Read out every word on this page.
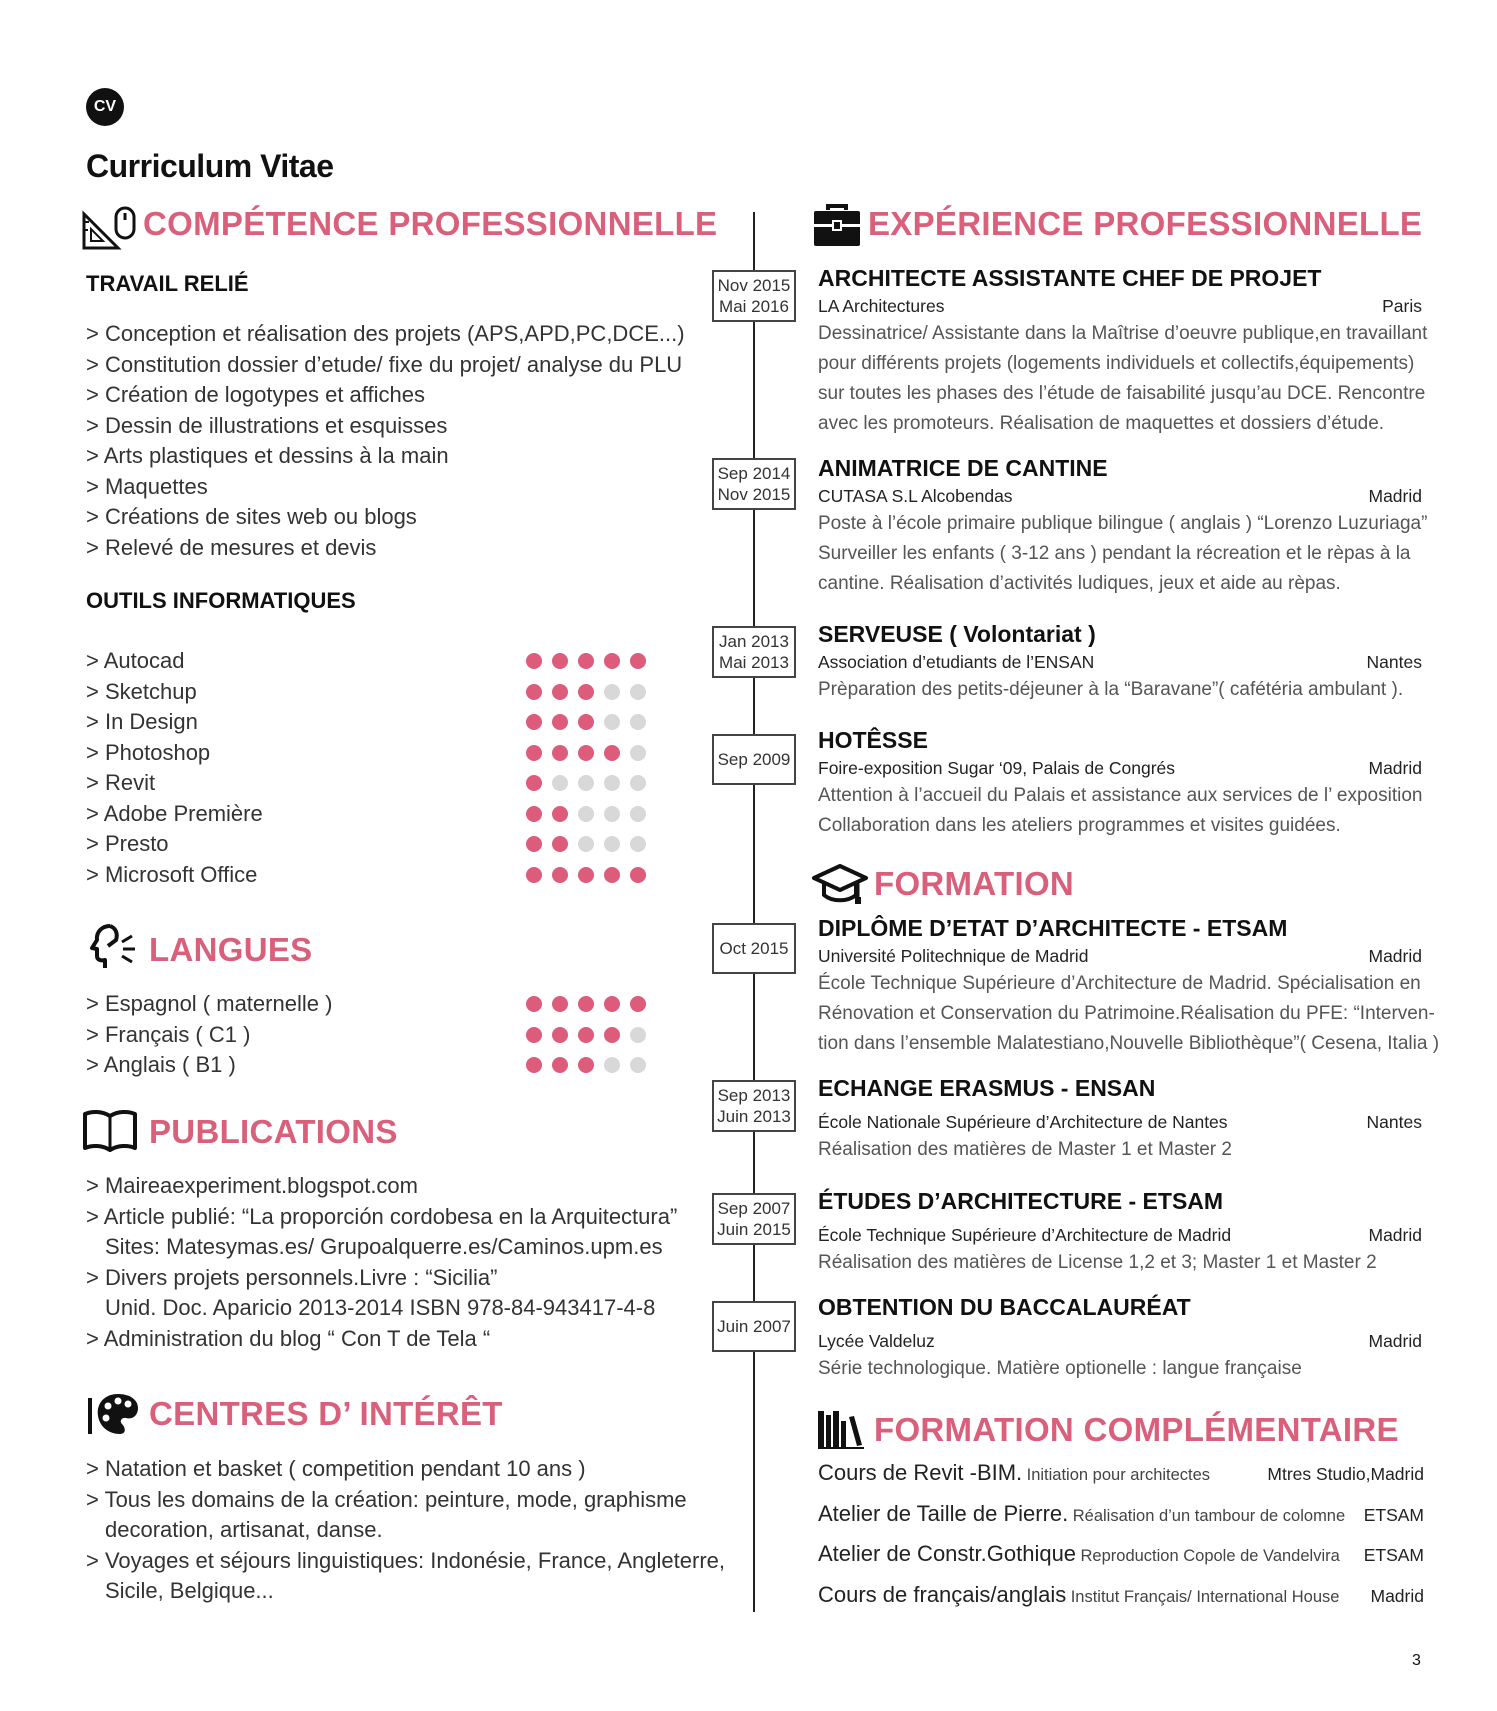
CV
Curriculum Vitae
COMPÉTENCE PROFESSIONNELLE
TRAVAIL RELIÉ
> Conception et réalisation des projets (APS,APD,PC,DCE...)
> Constitution dossier d’etude/ fixe du projet/ analyse du PLU
> Création de logotypes et affiches
> Dessin de illustrations et esquisses
> Arts plastiques et dessins à la main
> Maquettes
> Créations de sites web ou blogs
> Relevé de mesures et devis
OUTILS INFORMATIQUES
> Autocad
> Sketchup
> In Design
> Photoshop
> Revit
> Adobe Première
> Presto
> Microsoft Office
LANGUES
> Espagnol ( maternelle )
> Français ( C1 )
> Anglais ( B1 )
PUBLICATIONS
> Maireaexperiment.blogspot.com
> Article publié: “La proporción cordobesa en la Arquitectura”
Sites: Matesymas.es/ Grupoalquerre.es/Caminos.upm.es
> Divers projets personnels.Livre : “Sicilia”
Unid. Doc. Aparicio 2013-2014 ISBN 978-84-943417-4-8
> Administration du blog “ Con T de Tela “
CENTRES D’ INTÉRÊT
> Natation et basket ( competition pendant 10 ans )
> Tous les domains de la création: peinture, mode, graphisme
decoration, artisanat, danse.
> Voyages et séjours linguistiques: Indonésie, France, Angleterre,
Sicile, Belgique...
EXPÉRIENCE PROFESSIONNELLE
Nov 2015
Mai 2016
ARCHITECTE ASSISTANTE CHEF DE PROJET
LA Architectures	Paris
Dessinatrice/ Assistante dans la Maîtrise d’oeuvre publique,en travaillant
pour différents projets (logements individuels et collectifs,équipements)
sur toutes les phases des l’étude de faisabilité jusqu’au DCE. Rencontre
avec les promoteurs. Réalisation de maquettes et dossiers d’étude.
Sep 2014
Nov 2015
ANIMATRICE DE CANTINE
CUTASA S.L Alcobendas	Madrid
Poste à l’école primaire publique bilingue ( anglais ) “Lorenzo Luzuriaga”
Surveiller les enfants ( 3-12 ans ) pendant la récreation et le rèpas à la
cantine. Réalisation d’activités ludiques, jeux et aide au rèpas.
Jan 2013
Mai 2013
SERVEUSE ( Volontariat )
Association d’etudiants de l’ENSAN	Nantes
Prèparation des petits-déjeuner à la “Baravane”( cafétéria ambulant ).
Sep 2009
HOTÊSSE
Foire-exposition Sugar ‘09, Palais de Congrés	Madrid
Attention à l’accueil du Palais et assistance aux services de l’ exposition
Collaboration dans les ateliers programmes et visites guidées.
FORMATION
Oct 2015
DIPLÔME D’ETAT D’ARCHITECTE - ETSAM
Université Politechnique de Madrid	Madrid
École Technique Supérieure d’Architecture de Madrid. Spécialisation en
Rénovation et Conservation du Patrimoine.Réalisation du PFE: “Interven-
tion dans l’ensemble Malatestiano,Nouvelle Bibliothèque”( Cesena, Italia )
Sep 2013
Juin 2013
ECHANGE ERASMUS - ENSAN
École Nationale Supérieure d’Architecture de Nantes	Nantes
Réalisation des matières de Master 1 et Master 2
Sep 2007
Juin 2015
ÉTUDES D’ARCHITECTURE - ETSAM
École Technique Supérieure d’Architecture de Madrid	Madrid
Réalisation des matières de License 1,2 et 3; Master 1 et Master 2
Juin 2007
OBTENTION DU BACCALAURÉAT
Lycée Valdeluz	Madrid
Série technologique. Matière optionelle : langue française
FORMATION COMPLÉMENTAIRE
Cours de Revit -BIM. Initiation pour architectes	Mtres Studio,Madrid
Atelier de Taille de Pierre. Réalisation d’un tambour de colomne ETSAM
Atelier de Constr.Gothique Reproduction Copole de Vandelvira ETSAM
Cours de français/anglais Institut Français/ International House Madrid
3
